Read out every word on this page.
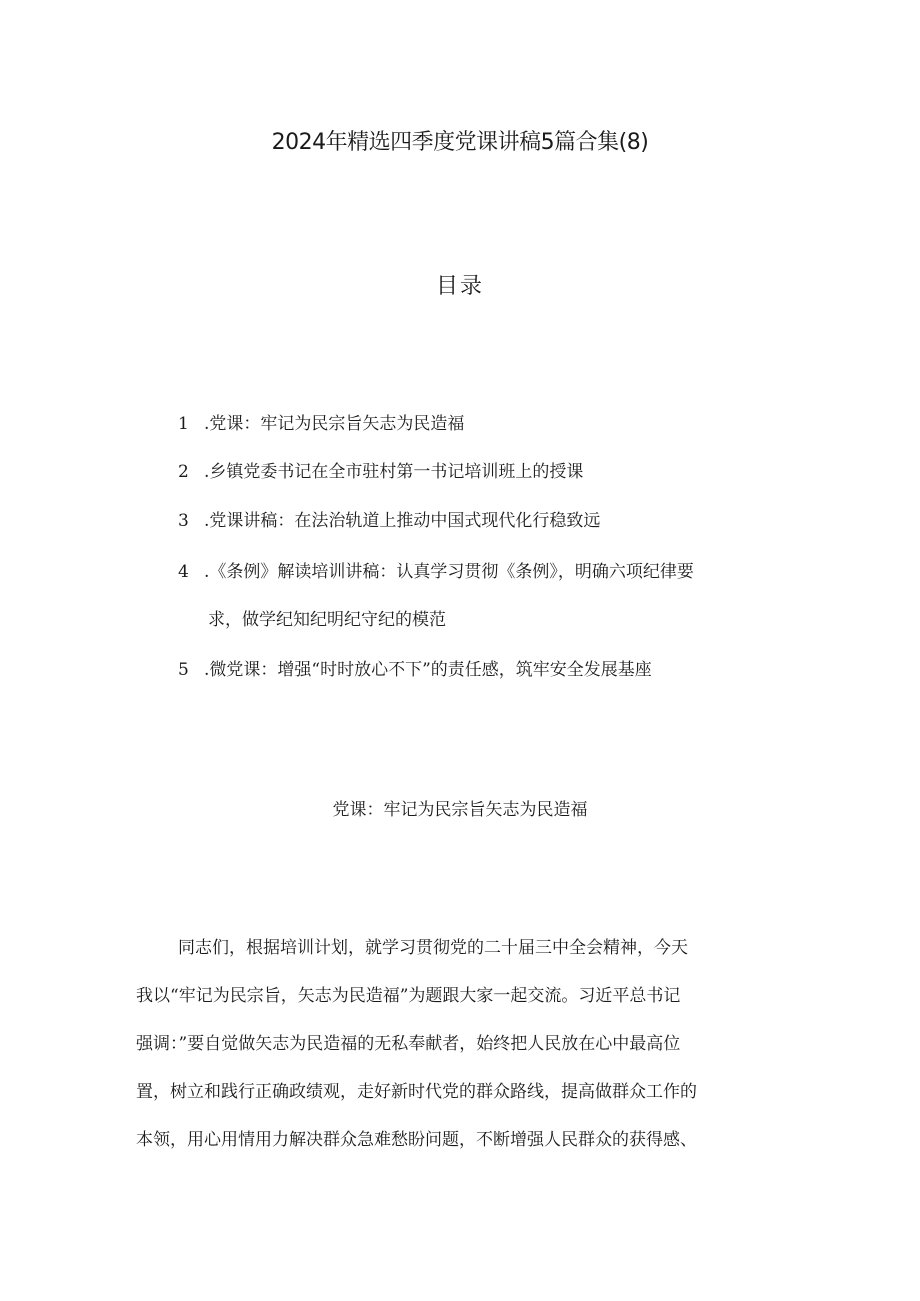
2024年精选四季度党课讲稿5篇合集(8)
目录
1 .党课：牢记为民宗旨矢志为民造福
2 .乡镇党委书记在全市驻村第一书记培训班上的授课
3 .党课讲稿：在法治轨道上推动中国式现代化行稳致远
4 .《条例》解读培训讲稿：认真学习贯彻《条例》，明确六项纪律要
求，做学纪知纪明纪守纪的模范
5 .微党课：增强“时时放心不下”的责任感，筑牢安全发展基座
党课：牢记为民宗旨矢志为民造福
同志们，根据培训计划，就学习贯彻党的二十届三中全会精神，今天
我以“牢记为民宗旨，矢志为民造福”为题跟大家一起交流。习近平总书记
强调：”要自觉做矢志为民造福的无私奉献者，始终把人民放在心中最高位
置，树立和践行正确政绩观，走好新时代党的群众路线，提高做群众工作的
本领，用心用情用力解决群众急难愁盼问题，不断增强人民群众的获得感、
